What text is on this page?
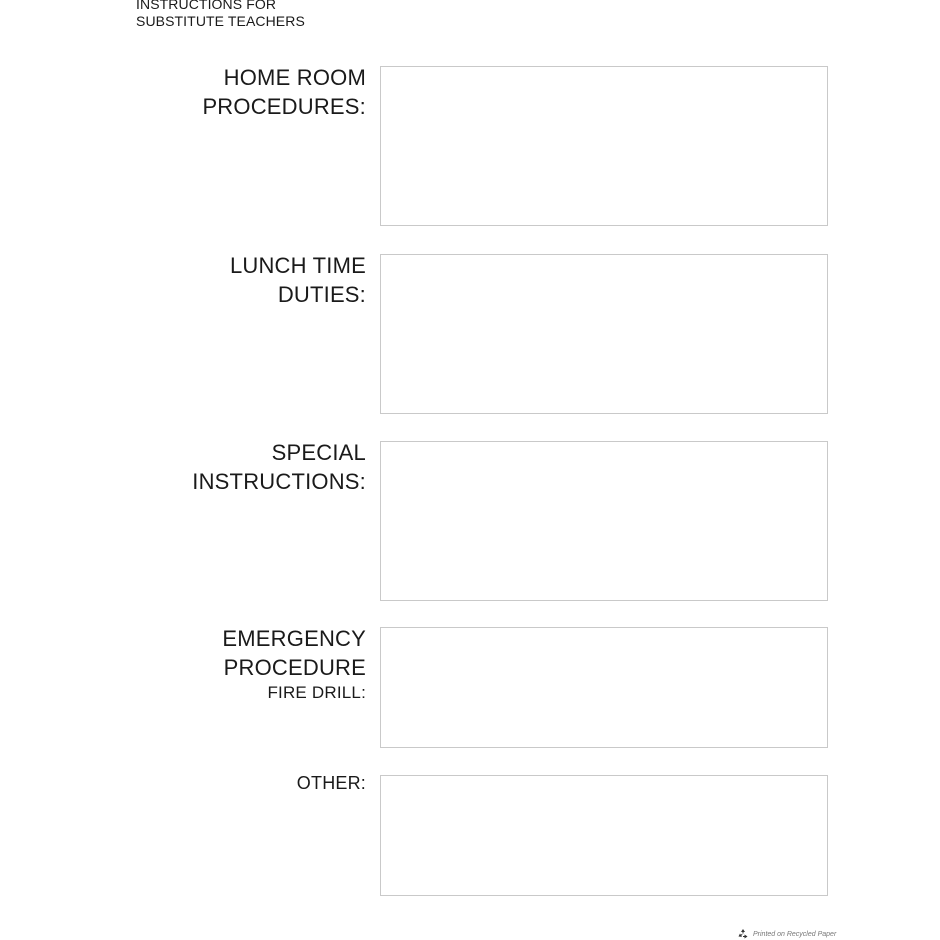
INSTRUCTIONS FOR
SUBSTITUTE TEACHERS
HOME ROOM
PROCEDURES:
LUNCH TIME
DUTIES:
SPECIAL
INSTRUCTIONS:
EMERGENCY
PROCEDURE
FIRE DRILL:
OTHER:
Printed on Recycled Paper
